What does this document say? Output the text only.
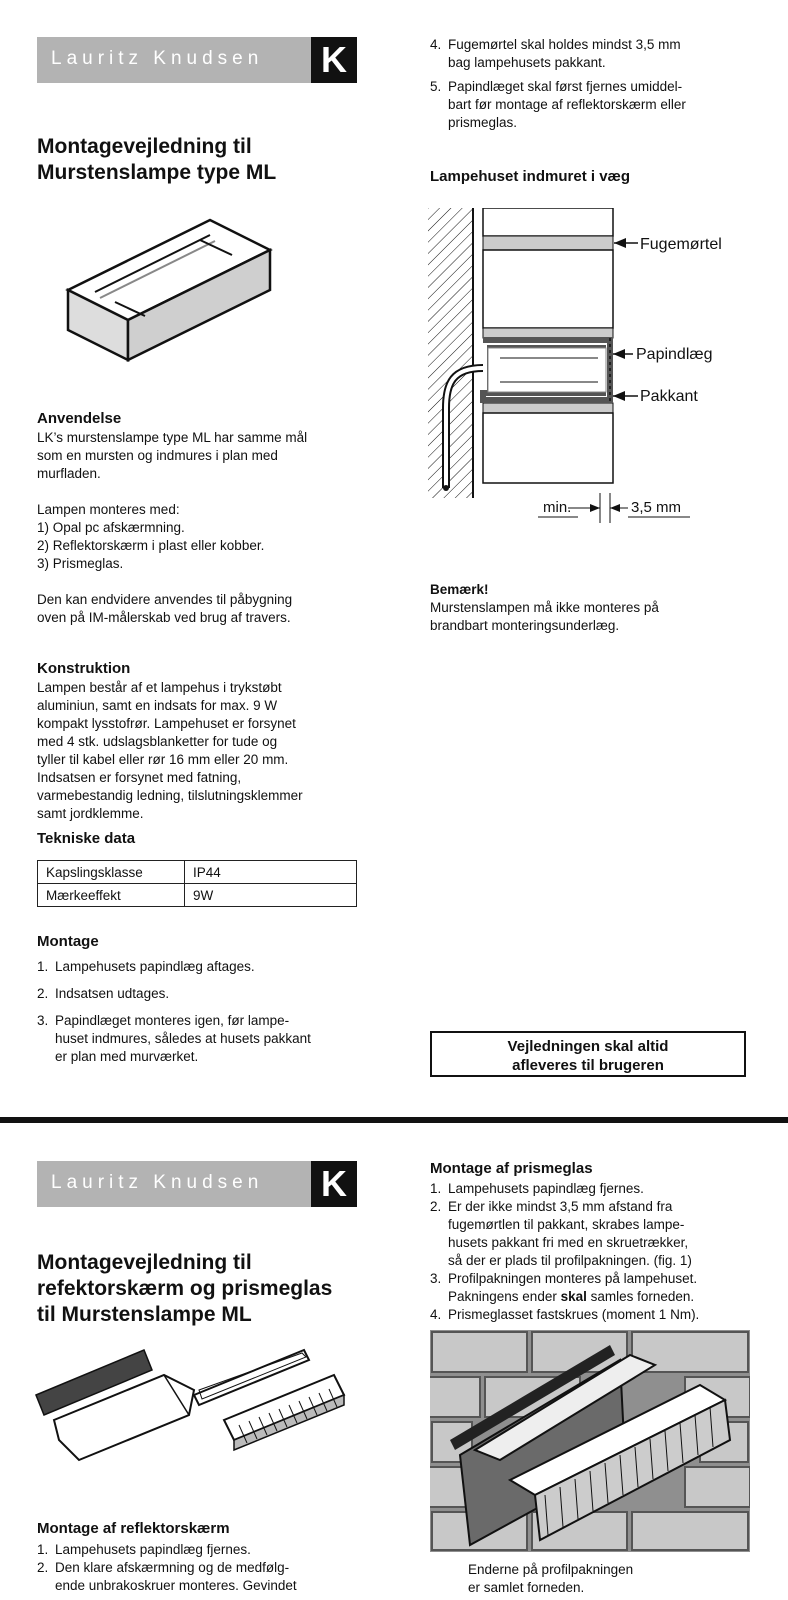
Lauritz Knudsen K
Montagevejledning til
Murstenslampe type ML
Anvendelse
LK’s murstenslampe type ML har samme mål
som en mursten og indmures i plan med
murfladen.
Lampen monteres med:
1) Opal pc afskærmning.
2) Reflektorskærm i plast eller kobber.
3) Prismeglas.
Den kan endvidere anvendes til påbygning
oven på IM-målerskab ved brug af travers.
Konstruktion
Lampen består af et lampehus i trykstøbt
aluminiun, samt en indsats for max. 9 W
kompakt lysstofrør. Lampehuset er forsynet
med 4 stk. udslagsblanketter for tude og
tyller til kabel eller rør 16 mm eller 20 mm.
Indsatsen er forsynet med fatning,
varmebestandig ledning, tilslutningsklemmer
samt jordklemme.
Tekniske data
Kapslingsklasse	IP44
Mærkeeffekt	9W
Montage
1. Lampehusets papindlæg aftages.
2. Indsatsen udtages.
3. Papindlæget monteres igen, før lampe-
huset indmures, således at husets pakkant
er plan med murværket.
4. Fugemørtel skal holdes mindst 3,5 mm
bag lampehusets pakkant.
5. Papindlæget skal først fjernes umiddel-
bart før montage af reflektorskærm eller
prismeglas.
Lampehuset indmuret i væg
Fugemørtel
Papindlæg
Pakkant
min.	3,5 mm
Bemærk!
Murstenslampen må ikke monteres på
brandbart monteringsunderlæg.
Vejledningen skal altid
afleveres til brugeren
Lauritz Knudsen K
Montagevejledning til
refektorskærm og prismeglas
til Murstenslampe ML
Montage af reflektorskærm
1. Lampehusets papindlæg fjernes.
2. Den klare afskærmning og de medfølg-
ende unbrakoskruer monteres. Gevindet
Montage af prismeglas
1. Lampehusets papindlæg fjernes.
2. Er der ikke mindst 3,5 mm afstand fra
fugemørtlen til pakkant, skrabes lampe-
husets pakkant fri med en skruetrækker,
så der er plads til profilpakningen. (fig. 1)
3. Profilpakningen monteres på lampehuset.
Pakningens ender skal samles forneden.
4. Prismeglasset fastskrues (moment 1 Nm).
Enderne på profilpakningen
er samlet forneden.
